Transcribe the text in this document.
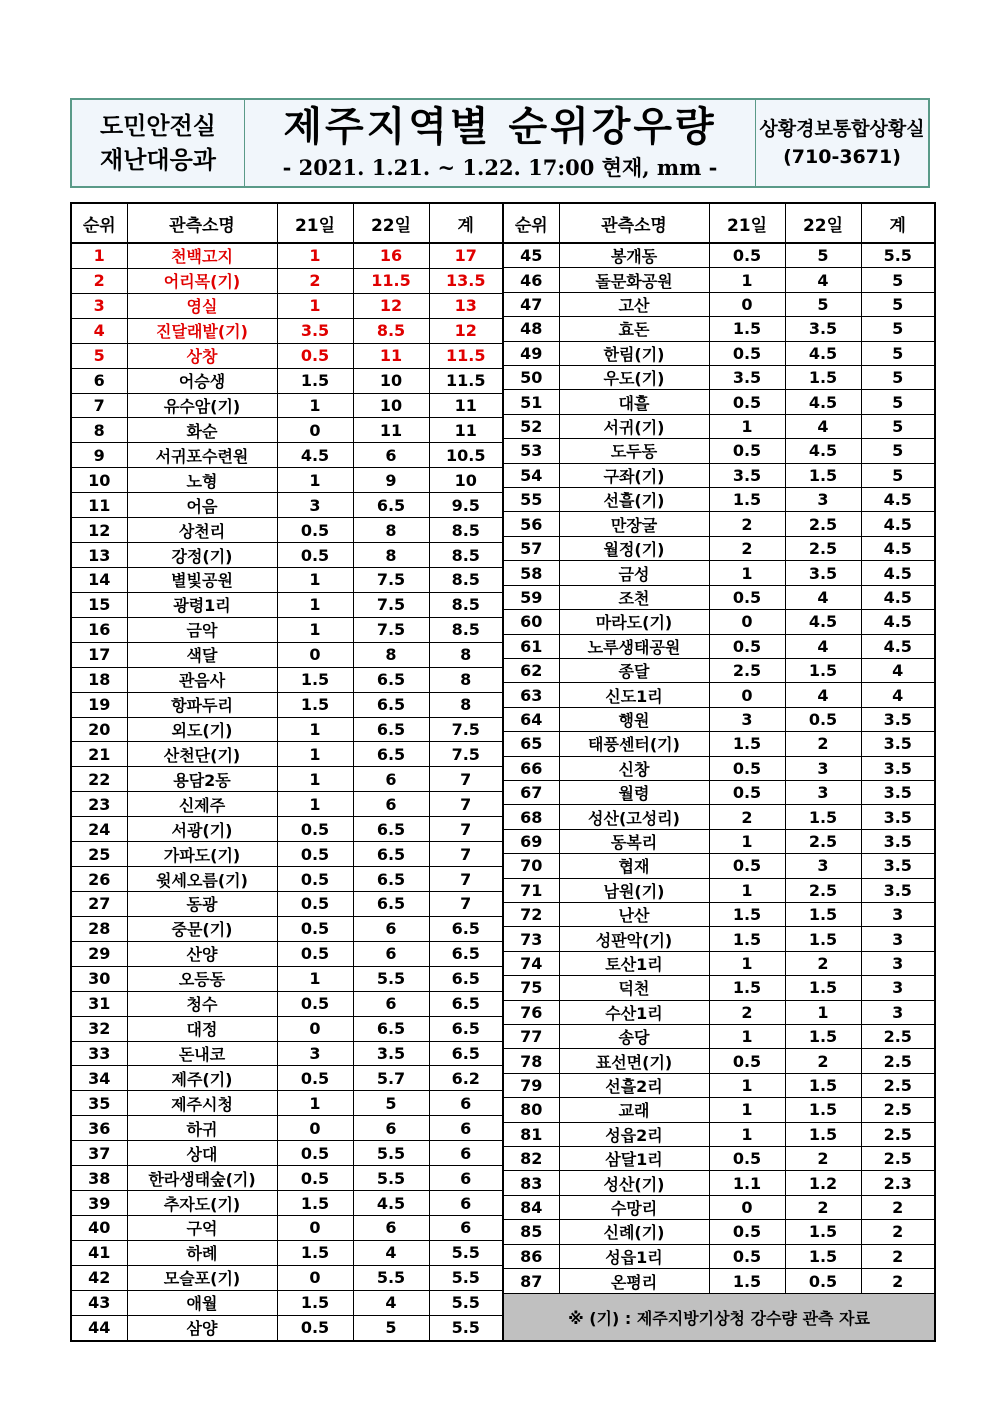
도민안전실
재난대응과
제주지역별 순위강우량
- 2021. 1.21. ~ 1.22. 17:00 현재, mm -
상황경보통합상황실
(710-3671)
순위	관측소명	21일	22일	계
1	천백고지	1	16	17
2	어리목(기)	2	11.5	13.5
3	영실	1	12	13
4	진달래밭(기)	3.5	8.5	12
5	상창	0.5	11	11.5
6	어승생	1.5	10	11.5
7	유수암(기)	1	10	11
8	화순	0	11	11
9	서귀포수련원	4.5	6	10.5
10	노형	1	9	10
11	어음	3	6.5	9.5
12	상천리	0.5	8	8.5
13	강정(기)	0.5	8	8.5
14	별빛공원	1	7.5	8.5
15	광령1리	1	7.5	8.5
16	금악	1	7.5	8.5
17	색달	0	8	8
18	관음사	1.5	6.5	8
19	항파두리	1.5	6.5	8
20	외도(기)	1	6.5	7.5
21	산천단(기)	1	6.5	7.5
22	용담2동	1	6	7
23	신제주	1	6	7
24	서광(기)	0.5	6.5	7
25	가파도(기)	0.5	6.5	7
26	윗세오름(기)	0.5	6.5	7
27	동광	0.5	6.5	7
28	중문(기)	0.5	6	6.5
29	산양	0.5	6	6.5
30	오등동	1	5.5	6.5
31	청수	0.5	6	6.5
32	대정	0	6.5	6.5
33	돈내코	3	3.5	6.5
34	제주(기)	0.5	5.7	6.2
35	제주시청	1	5	6
36	하귀	0	6	6
37	상대	0.5	5.5	6
38	한라생태숲(기)	0.5	5.5	6
39	추자도(기)	1.5	4.5	6
40	구억	0	6	6
41	하례	1.5	4	5.5
42	모슬포(기)	0	5.5	5.5
43	애월	1.5	4	5.5
44	삼양	0.5	5	5.5
순위	관측소명	21일	22일	계
45	봉개동	0.5	5	5.5
46	돌문화공원	1	4	5
47	고산	0	5	5
48	효돈	1.5	3.5	5
49	한림(기)	0.5	4.5	5
50	우도(기)	3.5	1.5	5
51	대흘	0.5	4.5	5
52	서귀(기)	1	4	5
53	도두동	0.5	4.5	5
54	구좌(기)	3.5	1.5	5
55	선흘(기)	1.5	3	4.5
56	만장굴	2	2.5	4.5
57	월정(기)	2	2.5	4.5
58	금성	1	3.5	4.5
59	조천	0.5	4	4.5
60	마라도(기)	0	4.5	4.5
61	노루생태공원	0.5	4	4.5
62	종달	2.5	1.5	4
63	신도1리	0	4	4
64	행원	3	0.5	3.5
65	태풍센터(기)	1.5	2	3.5
66	신창	0.5	3	3.5
67	월령	0.5	3	3.5
68	성산(고성리)	2	1.5	3.5
69	동복리	1	2.5	3.5
70	협재	0.5	3	3.5
71	남원(기)	1	2.5	3.5
72	난산	1.5	1.5	3
73	성판악(기)	1.5	1.5	3
74	토산1리	1	2	3
75	덕천	1.5	1.5	3
76	수산1리	2	1	3
77	송당	1	1.5	2.5
78	표선면(기)	0.5	2	2.5
79	선흘2리	1	1.5	2.5
80	교래	1	1.5	2.5
81	성읍2리	1	1.5	2.5
82	삼달1리	0.5	2	2.5
83	성산(기)	1.1	1.2	2.3
84	수망리	0	2	2
85	신례(기)	0.5	1.5	2
86	성읍1리	0.5	1.5	2
87	온평리	1.5	0.5	2
※ (기) : 제주지방기상청 강수량 관측 자료				
